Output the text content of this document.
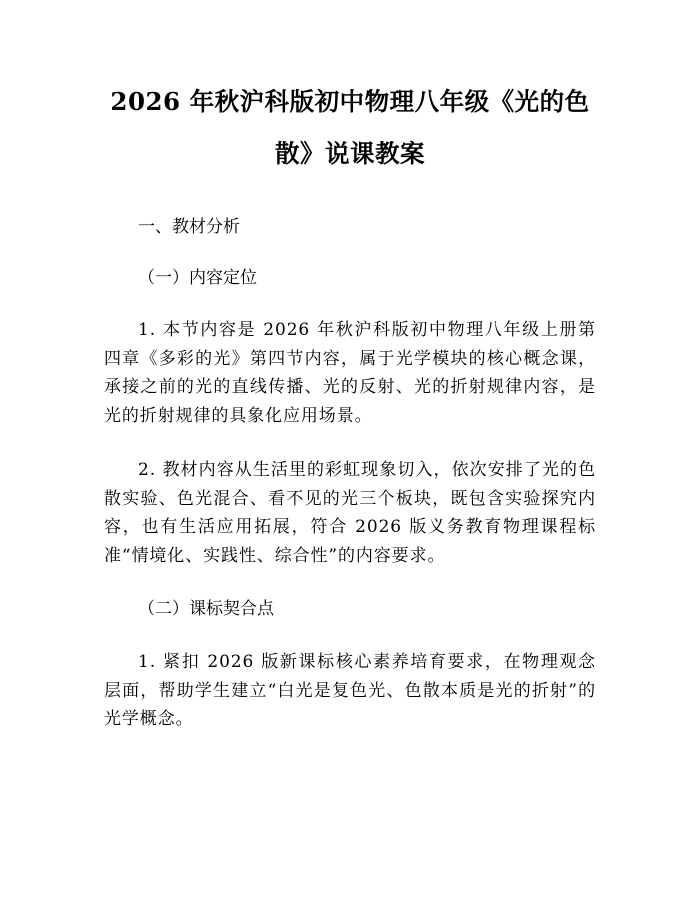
2026 年秋沪科版初中物理八年级《光的色散》说课教案

一、教材分析

（一）内容定位

1. 本节内容是 2026 年秋沪科版初中物理八年级上册第四章《多彩的光》第四节内容，属于光学模块的核心概念课，承接之前的光的直线传播、光的反射、光的折射规律内容，是光的折射规律的具象化应用场景。

2. 教材内容从生活里的彩虹现象切入，依次安排了光的色散实验、色光混合、看不见的光三个板块，既包含实验探究内容，也有生活应用拓展，符合 2026 版义务教育物理课程标准“情境化、实践性、综合性”的内容要求。

（二）课标契合点

1. 紧扣 2026 版新课标核心素养培育要求，在物理观念层面，帮助学生建立“白光是复色光、色散本质是光的折射”的光学概念。
